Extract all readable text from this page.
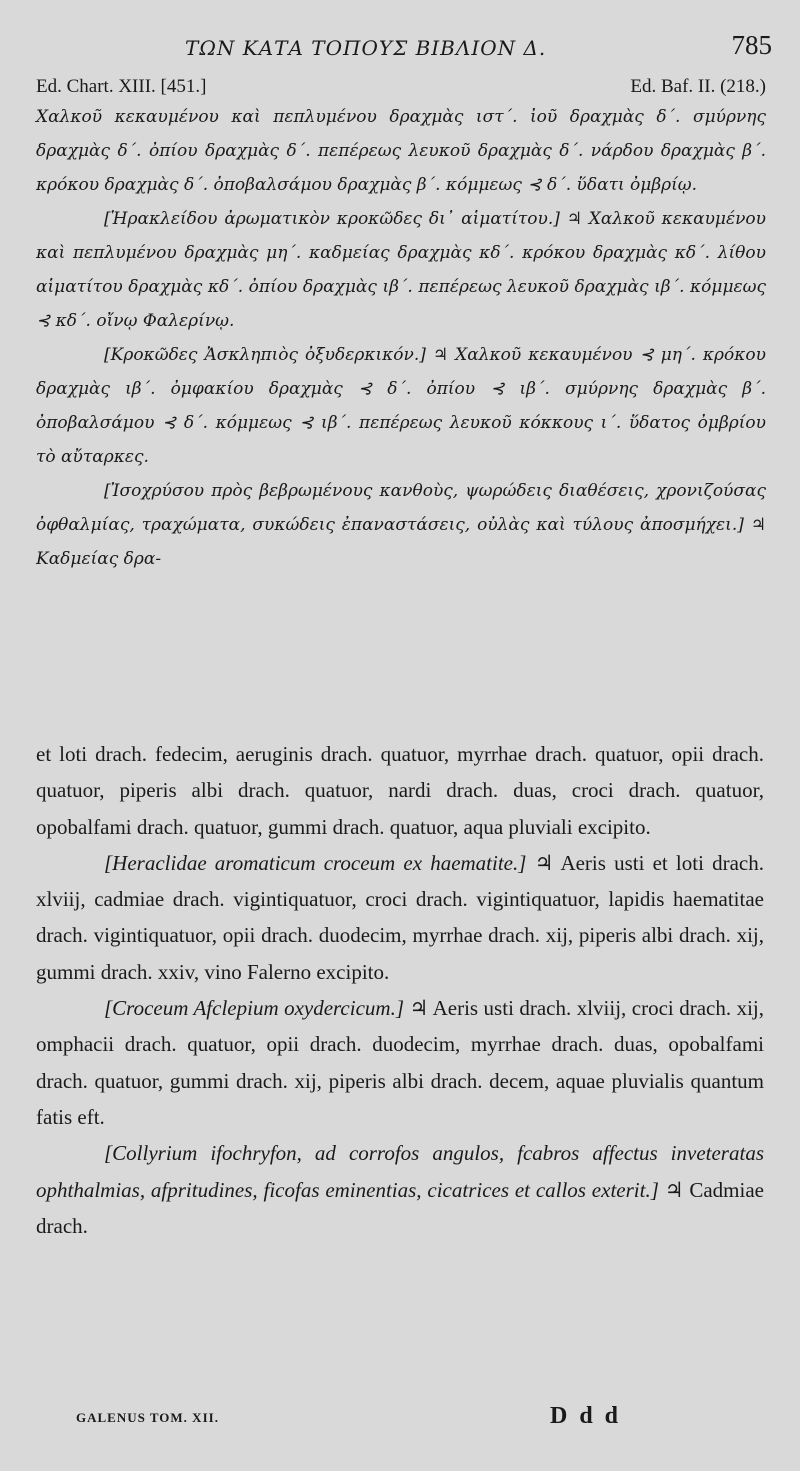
ΤΩΝ ΚΑΤΑ ΤΟΠΟΥΣ ΒΙΒΛΙΟΝ Δ.	785
Ed. Chart. XIII. [451.]	Ed. Baf. II. (218.)

Χαλκοῦ κεκαυμένου καὶ πεπλυμένου δραχμὰς ιστ΄. ἰοῦ δραχμὰς δ΄. σμύρνης δραχμὰς δ΄. ὀπίου δραχμὰς δ΄. πεπέρεως λευκοῦ δραχμὰς δ΄. νάρδου δραχμὰς β΄. κρόκου δραχμὰς δ΄. ὀποβαλσάμου δραχμὰς β΄. κόμμεως ⊰ δ΄. ὕδατι ὀμβρίῳ.

[Ἡρακλείδου ἀρωματικὸν κροκῶδες δι᾽ αἱματίτου.] ♃ Χαλκοῦ κεκαυμένου καὶ πεπλυμένου δραχμὰς μη΄. καδμείας δραχμὰς κδ΄. κρόκου δραχμὰς κδ΄. λίθου αἱματίτου δραχμὰς κδ΄. ὀπίου δραχμὰς ιβ΄. πεπέρεως λευκοῦ δραχμὰς ιβ΄. κόμμεως ⊰ κδ΄. οἴνῳ Φαλερίνῳ.

[Κροκῶδες Ἀσκληπιὸς ὀξυδερκικόν.] ♃ Χαλκοῦ κεκαυμένου ⊰ μη΄. κρόκου δραχμὰς ιβ΄. ὀμφακίου δραχμὰς ⊰ δ΄. ὀπίου ⊰ ιβ΄. σμύρνης δραχμὰς β΄. ὀποβαλσάμου ⊰ δ΄. κόμμεως ⊰ ιβ΄. πεπέρεως λευκοῦ κόκκους ι΄. ὕδατος ὀμβρίου τὸ αὔταρκες.

[Ἰσοχρύσου πρὸς βεβρωμένους κανθοὺς, ψωρώδεις διαθέσεις, χρονιζούσας ὀφθαλμίας, τραχώματα, συκώδεις ἐπαναστάσεις, οὐλὰς καὶ τύλους ἀποσμήχει.] ♃ Καδμείας δρα-

et loti drach. fedecim, aeruginis drach. quatuor, myrrhae drach. quatuor, opii drach. quatuor, piperis albi drach. quatuor, nardi drach. duas, croci drach. quatuor, opobalfami drach. quatuor, gummi drach. quatuor, aqua pluviali excipito.

[Heraclidae aromaticum croceum ex haematite.] ♃ Aeris usti et loti drach. xlviij, cadmiae drach. vigintiquatuor, croci drach. vigintiquatuor, lapidis haematitae drach. vigintiquatuor, opii drach. duodecim, myrrhae drach. xij, piperis albi drach. xij, gummi drach. xxiv, vino Falerno excipito.

[Croceum Afclepium oxydercicum.] ♃ Aeris usti drach. xlviij, croci drach. xij, omphacii drach. quatuor, opii drach. duodecim, myrrhae drach. duas, opobalfami drach. quatuor, gummi drach. xij, piperis albi drach. decem, aquae pluvialis quantum fatis eft.

[Collyrium ifochryfon, ad corrofos angulos, fcabros affectus inveteratas ophthalmias, afpritudines, ficofas eminentias, cicatrices et callos exterit.] ♃ Cadmiae drach.

GALENUS TOM. XII.	D d d
